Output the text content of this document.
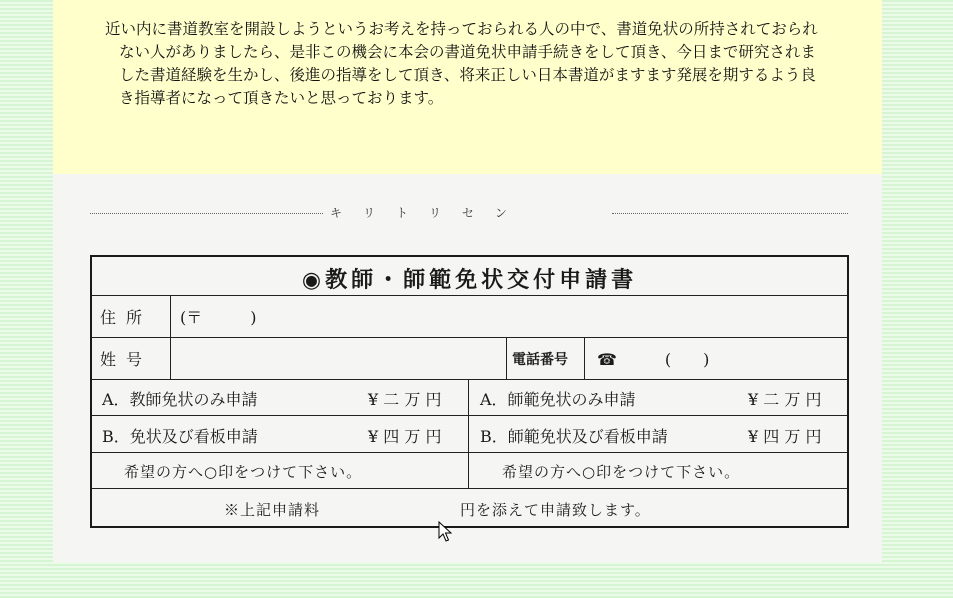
近い内に書道教室を開設しようというお考えを持っておられる人の中で、書道免状の所持されておられない人がありましたら、是非この機会に本会の書道免状申請手続きをして頂き、今日まで研究されました書道経験を生かし、後進の指導をして頂き、将来正しい日本書道がますます発展を期するよう良き指導者になって頂きたいと思っております。

キリトリセン
◉教師・師範免状交付申請書
住所 (〒　　　)
姓号	電話番号 ☎　　　(　　)
A．教師免状のみ申請	¥ 二 万 円 A．師範免状のみ申請	¥ 二 万 円
B．免状及び看板申請	¥ 四 万 円 B．師範免状及び看板申請	¥ 四 万 円
希望の方へ○印をつけて下さい。	希望の方へ○印をつけて下さい。
※上記申請料	円を添えて申請致します。
